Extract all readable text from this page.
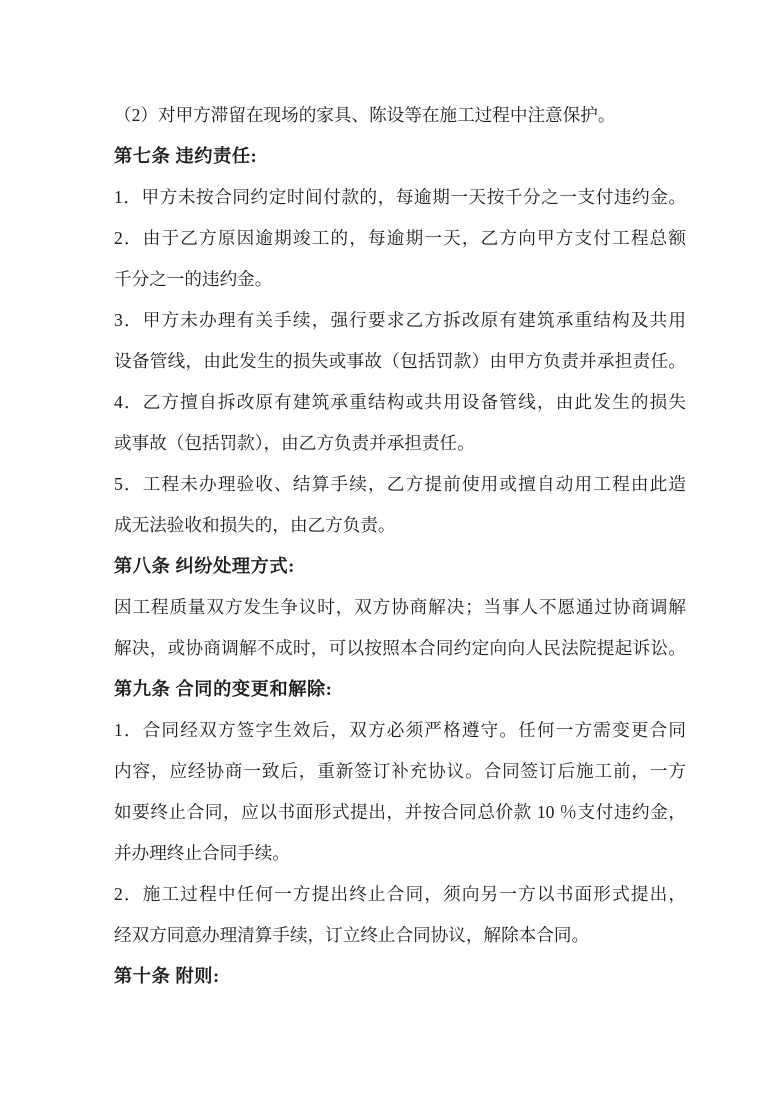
（2）对甲方滞留在现场的家具、陈设等在施工过程中注意保护。

第七条 违约责任:

1．甲方未按合同约定时间付款的，每逾期一天按千分之一支付违约金。

2．由于乙方原因逾期竣工的，每逾期一天，乙方向甲方支付工程总额

千分之一的违约金。

3．甲方未办理有关手续，强行要求乙方拆改原有建筑承重结构及共用

设备管线，由此发生的损失或事故（包括罚款）由甲方负责并承担责任。

4．乙方擅自拆改原有建筑承重结构或共用设备管线，由此发生的损失

或事故（包括罚款），由乙方负责并承担责任。

5．工程未办理验收、结算手续，乙方提前使用或擅自动用工程由此造

成无法验收和损失的，由乙方负责。

第八条 纠纷处理方式:

因工程质量双方发生争议时，双方协商解决；当事人不愿通过协商调解

解决，或协商调解不成时，可以按照本合同约定向向人民法院提起诉讼。

第九条 合同的变更和解除:

1．合同经双方签字生效后，双方必须严格遵守。任何一方需变更合同

内容，应经协商一致后，重新签订补充协议。合同签订后施工前，一方

如要终止合同，应以书面形式提出，并按合同总价款 10 ％支付违约金，

并办理终止合同手续。

2．施工过程中任何一方提出终止合同，须向另一方以书面形式提出，

经双方同意办理清算手续，订立终止合同协议，解除本合同。

第十条 附则:
